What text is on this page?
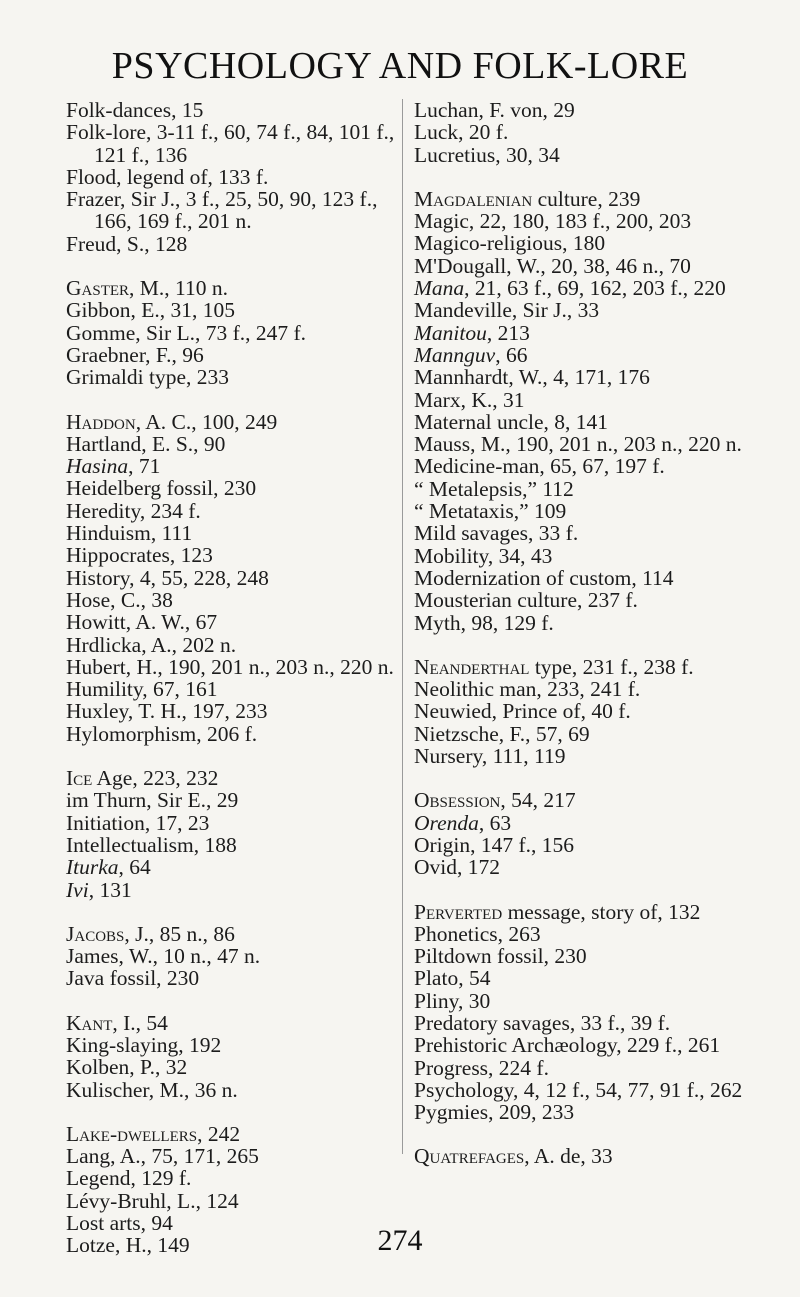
PSYCHOLOGY AND FOLK-LORE

Folk-dances, 15

Folk-lore, 3-11 f., 60, 74 f., 84, 101 f., 121 f., 136

Flood, legend of, 133 f.

Frazer, Sir J., 3 f., 25, 50, 90, 123 f., 166, 169 f., 201 n.

Freud, S., 128

Gaster, M., 110 n.

Gibbon, E., 31, 105

Gomme, Sir L., 73 f., 247 f.

Graebner, F., 96

Grimaldi type, 233

Haddon, A. C., 100, 249

Hartland, E. S., 90

Hasina, 71

Heidelberg fossil, 230

Heredity, 234 f.

Hinduism, 111

Hippocrates, 123

History, 4, 55, 228, 248

Hose, C., 38

Howitt, A. W., 67

Hrdlicka, A., 202 n.

Hubert, H., 190, 201 n., 203 n., 220 n.

Humility, 67, 161

Huxley, T. H., 197, 233

Hylomorphism, 206 f.

Ice Age, 223, 232

im Thurn, Sir E., 29

Initiation, 17, 23

Intellectualism, 188

Iturka, 64

Ivi, 131

Jacobs, J., 85 n., 86

James, W., 10 n., 47 n.

Java fossil, 230

Kant, I., 54

King-slaying, 192

Kolben, P., 32

Kulischer, M., 36 n.

Lake-dwellers, 242

Lang, A., 75, 171, 265

Legend, 129 f.

Lévy-Bruhl, L., 124

Lost arts, 94

Lotze, H., 149

Luchan, F. von, 29

Luck, 20 f.

Lucretius, 30, 34

Magdalenian culture, 239

Magic, 22, 180, 183 f., 200, 203

Magico-religious, 180

M'Dougall, W., 20, 38, 46 n., 70

Mana, 21, 63 f., 69, 162, 203 f., 220

Mandeville, Sir J., 33

Manitou, 213

Mannguv, 66

Mannhardt, W., 4, 171, 176

Marx, K., 31

Maternal uncle, 8, 141

Mauss, M., 190, 201 n., 203 n., 220 n.

Medicine-man, 65, 67, 197 f.

“ Metalepsis,” 112

“ Metataxis,” 109

Mild savages, 33 f.

Mobility, 34, 43

Modernization of custom, 114

Mousterian culture, 237 f.

Myth, 98, 129 f.

Neanderthal type, 231 f., 238 f.

Neolithic man, 233, 241 f.

Neuwied, Prince of, 40 f.

Nietzsche, F., 57, 69

Nursery, 111, 119

Obsession, 54, 217

Orenda, 63

Origin, 147 f., 156

Ovid, 172

Perverted message, story of, 132

Phonetics, 263

Piltdown fossil, 230

Plato, 54

Pliny, 30

Predatory savages, 33 f., 39 f.

Prehistoric Archæology, 229 f., 261

Progress, 224 f.

Psychology, 4, 12 f., 54, 77, 91 f., 262

Pygmies, 209, 233

Quatrefages, A. de, 33

274
